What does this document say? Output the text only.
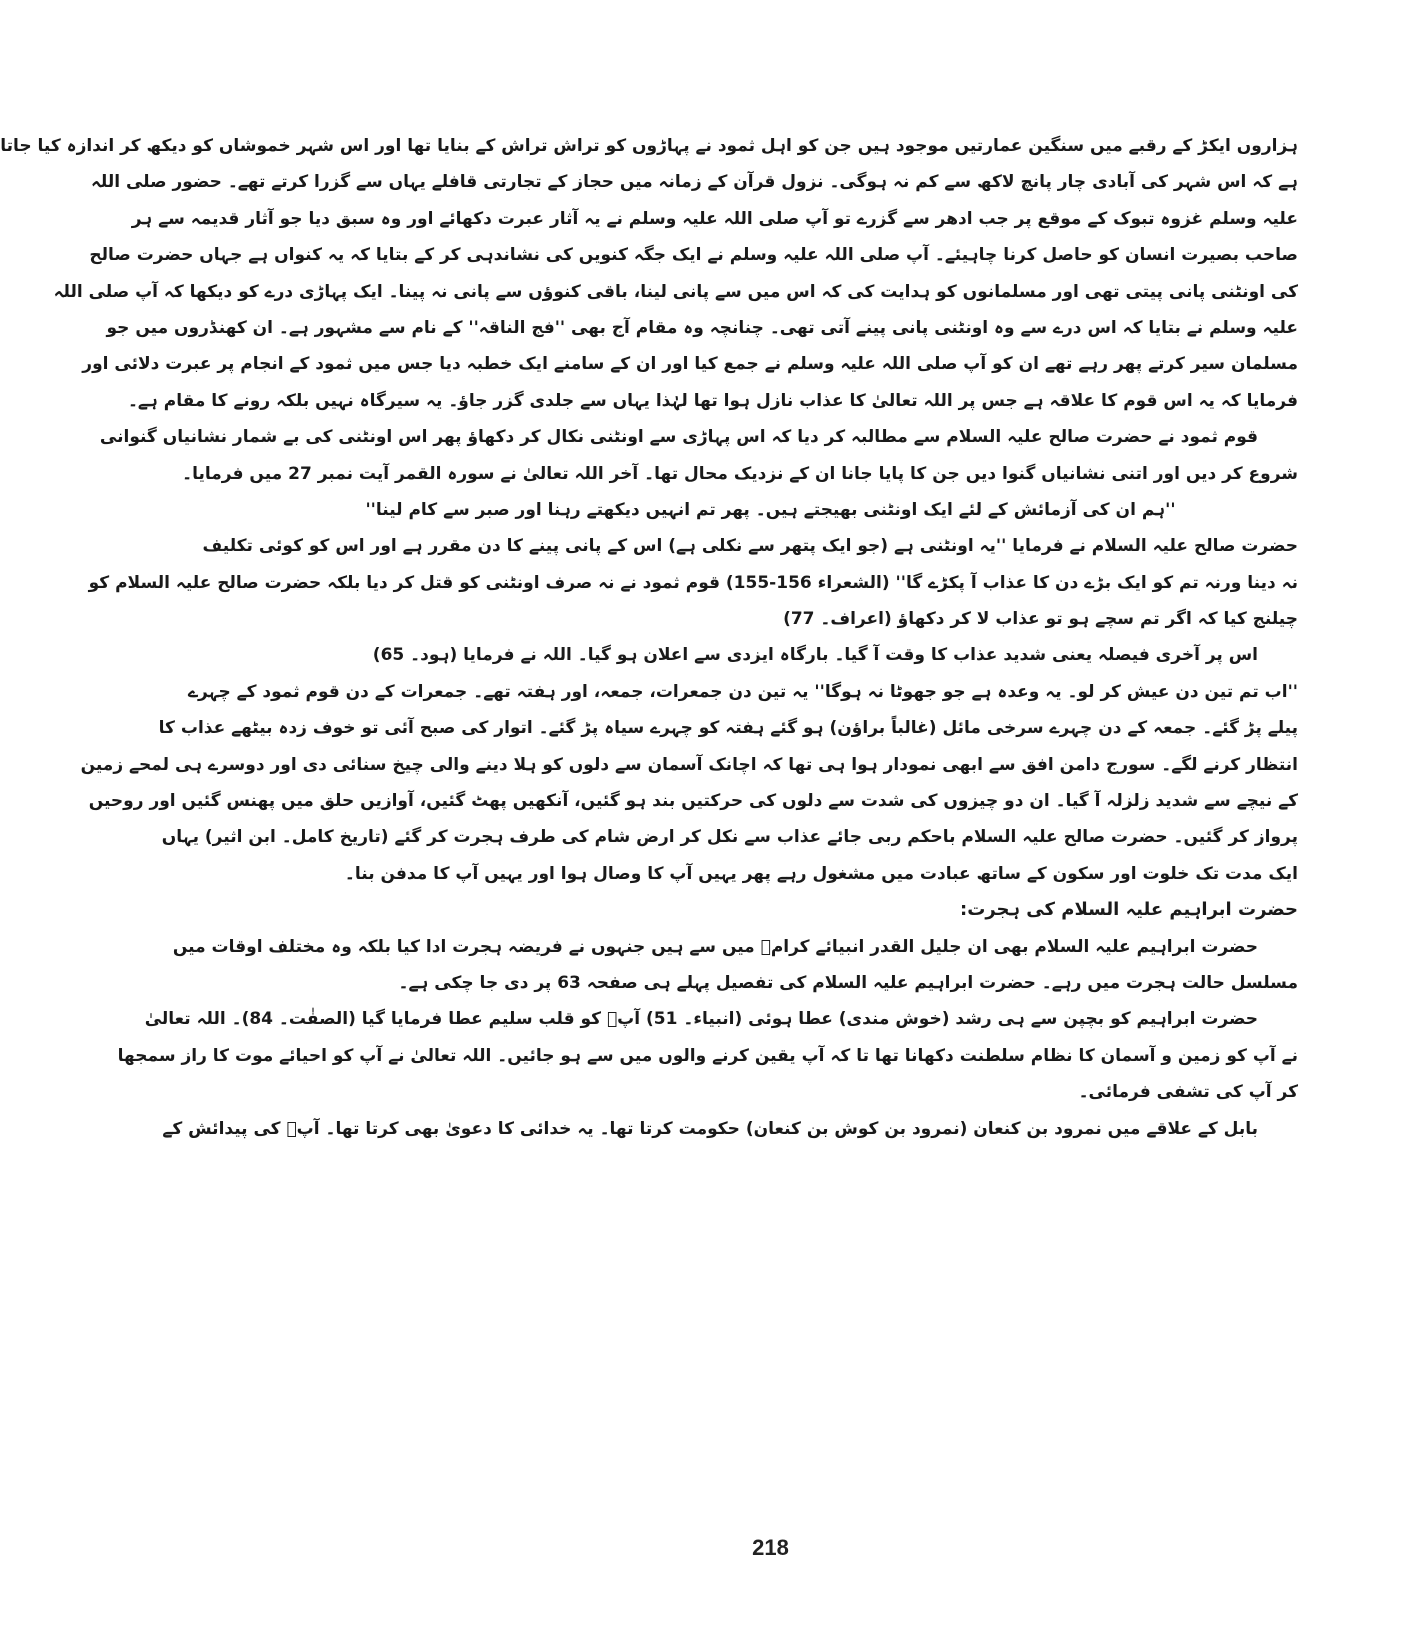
ہزاروں ایکڑ کے رقبے میں سنگین عمارتیں موجود ہیں جن کو اہل ثمود نے پہاڑوں کو تراش تراش کے بنایا تھا اور اس شہر خموشاں کو دیکھ کر اندازہ کیا جاتا
ہے کہ اس شہر کی آبادی چار پانچ لاکھ سے کم نہ ہوگی۔ نزول قرآن کے زمانہ میں حجاز کے تجارتی قافلے یہاں سے گزرا کرتے تھے۔ حضور صلی اللہ
علیہ وسلم غزوہ تبوک کے موقع پر جب ادھر سے گزرے تو آپ صلی اللہ علیہ وسلم نے یہ آثار عبرت دکھائے اور وہ سبق دیا جو آثار قدیمہ سے ہر
صاحب بصیرت انسان کو حاصل کرنا چاہیئے۔ آپ صلی اللہ علیہ وسلم نے ایک جگہ کنویں کی نشاندہی کر کے بتایا کہ یہ کنواں ہے جہاں حضرت صالح
کی اونٹنی پانی پیتی تھی اور مسلمانوں کو ہدایت کی کہ اس میں سے پانی لینا، باقی کنوؤں سے پانی نہ پینا۔ ایک پہاڑی درے کو دیکھا کہ آپ صلی اللہ
علیہ وسلم نے بتایا کہ اس درے سے وہ اونٹنی پانی پینے آتی تھی۔ چنانچہ وہ مقام آج بھی ''فج الناقہ'' کے نام سے مشہور ہے۔ ان کھنڈروں میں جو
مسلمان سیر کرتے پھر رہے تھے ان کو آپ صلی اللہ علیہ وسلم نے جمع کیا اور ان کے سامنے ایک خطبہ دیا جس میں ثمود کے انجام پر عبرت دلائی اور
فرمایا کہ یہ اس قوم کا علاقہ ہے جس پر اللہ تعالیٰ کا عذاب نازل ہوا تھا لہٰذا یہاں سے جلدی گزر جاؤ۔ یہ سیرگاہ نہیں بلکہ رونے کا مقام ہے۔
قوم ثمود نے حضرت صالح علیہ السلام سے مطالبہ کر دیا کہ اس پہاڑی سے اونٹنی نکال کر دکھاؤ پھر اس اونٹنی کی بے شمار نشانیاں گنوانی
شروع کر دیں اور اتنی نشانیاں گنوا دیں جن کا پایا جانا ان کے نزدیک محال تھا۔ آخر اللہ تعالیٰ نے سورہ القمر آیت نمبر 27 میں فرمایا۔
''ہم ان کی آزمائش کے لئے ایک اونٹنی بھیجتے ہیں۔ پھر تم انہیں دیکھتے رہنا اور صبر سے کام لینا''
حضرت صالح علیہ السلام نے فرمایا ''یہ اونٹنی ہے (جو ایک پتھر سے نکلی ہے) اس کے پانی پینے کا دن مقرر ہے اور اس کو کوئی تکلیف
نہ دینا ورنہ تم کو ایک بڑے دن کا عذاب آ پکڑے گا'' (الشعراء 156-155) قوم ثمود نے نہ صرف اونٹنی کو قتل کر دیا بلکہ حضرت صالح علیہ السلام کو
چیلنج کیا کہ اگر تم سچے ہو تو عذاب لا کر دکھاؤ (اعراف۔ 77)
اس پر آخری فیصلہ یعنی شدید عذاب کا وقت آ گیا۔ بارگاہ ایزدی سے اعلان ہو گیا۔ اللہ نے فرمایا (ہود۔ 65)
''اب تم تین دن عیش کر لو۔ یہ وعدہ ہے جو جھوٹا نہ ہوگا'' یہ تین دن جمعرات، جمعہ، اور ہفتہ تھے۔ جمعرات کے دن قوم ثمود کے چہرے
پیلے پڑ گئے۔ جمعہ کے دن چہرے سرخی مائل (غالباً براؤن) ہو گئے ہفتہ کو چہرے سیاہ پڑ گئے۔ اتوار کی صبح آئی تو خوف زدہ بیٹھے عذاب کا
انتظار کرنے لگے۔ سورج دامن افق سے ابھی نمودار ہوا ہی تھا کہ اچانک آسمان سے دلوں کو ہلا دینے والی چیخ سنائی دی اور دوسرے ہی لمحے زمین
کے نیچے سے شدید زلزلہ آ گیا۔ ان دو چیزوں کی شدت سے دلوں کی حرکتیں بند ہو گئیں، آنکھیں پھٹ گئیں، آوازیں حلق میں پھنس گئیں اور روحیں
پرواز کر گئیں۔ حضرت صالح علیہ السلام باحکم ربی جائے عذاب سے نکل کر ارض شام کی طرف ہجرت کر گئے (تاریخ کامل۔ ابن اثیر) یہاں
ایک مدت تک خلوت اور سکون کے ساتھ عبادت میں مشغول رہے پھر یہیں آپ کا وصال ہوا اور یہیں آپ کا مدفن بنا۔
حضرت ابراہیم علیہ السلام کی ہجرت:
حضرت ابراہیم علیہ السلام بھی ان جلیل القدر انبیائے کرامؑ میں سے ہیں جنہوں نے فریضہ ہجرت ادا کیا بلکہ وہ مختلف اوقات میں
مسلسل حالت ہجرت میں رہے۔ حضرت ابراہیم علیہ السلام کی تفصیل پہلے ہی صفحہ 63 پر دی جا چکی ہے۔
حضرت ابراہیم کو بچپن سے ہی رشد (خوش مندی) عطا ہوئی (انبیاء۔ 51) آپؑ کو قلب سلیم عطا فرمایا گیا (الصفٰت۔ 84)۔ اللہ تعالیٰ
نے آپ کو زمین و آسمان کا نظام سلطنت دکھانا تھا تا کہ آپ یقین کرنے والوں میں سے ہو جائیں۔ اللہ تعالیٰ نے آپ کو احیائے موت کا راز سمجھا
کر آپ کی تشفی فرمائی۔
بابل کے علاقے میں نمرود بن کنعان (نمرود بن کوش بن کنعان) حکومت کرتا تھا۔ یہ خدائی کا دعویٰ بھی کرتا تھا۔ آپؑ کی پیدائش کے
218
